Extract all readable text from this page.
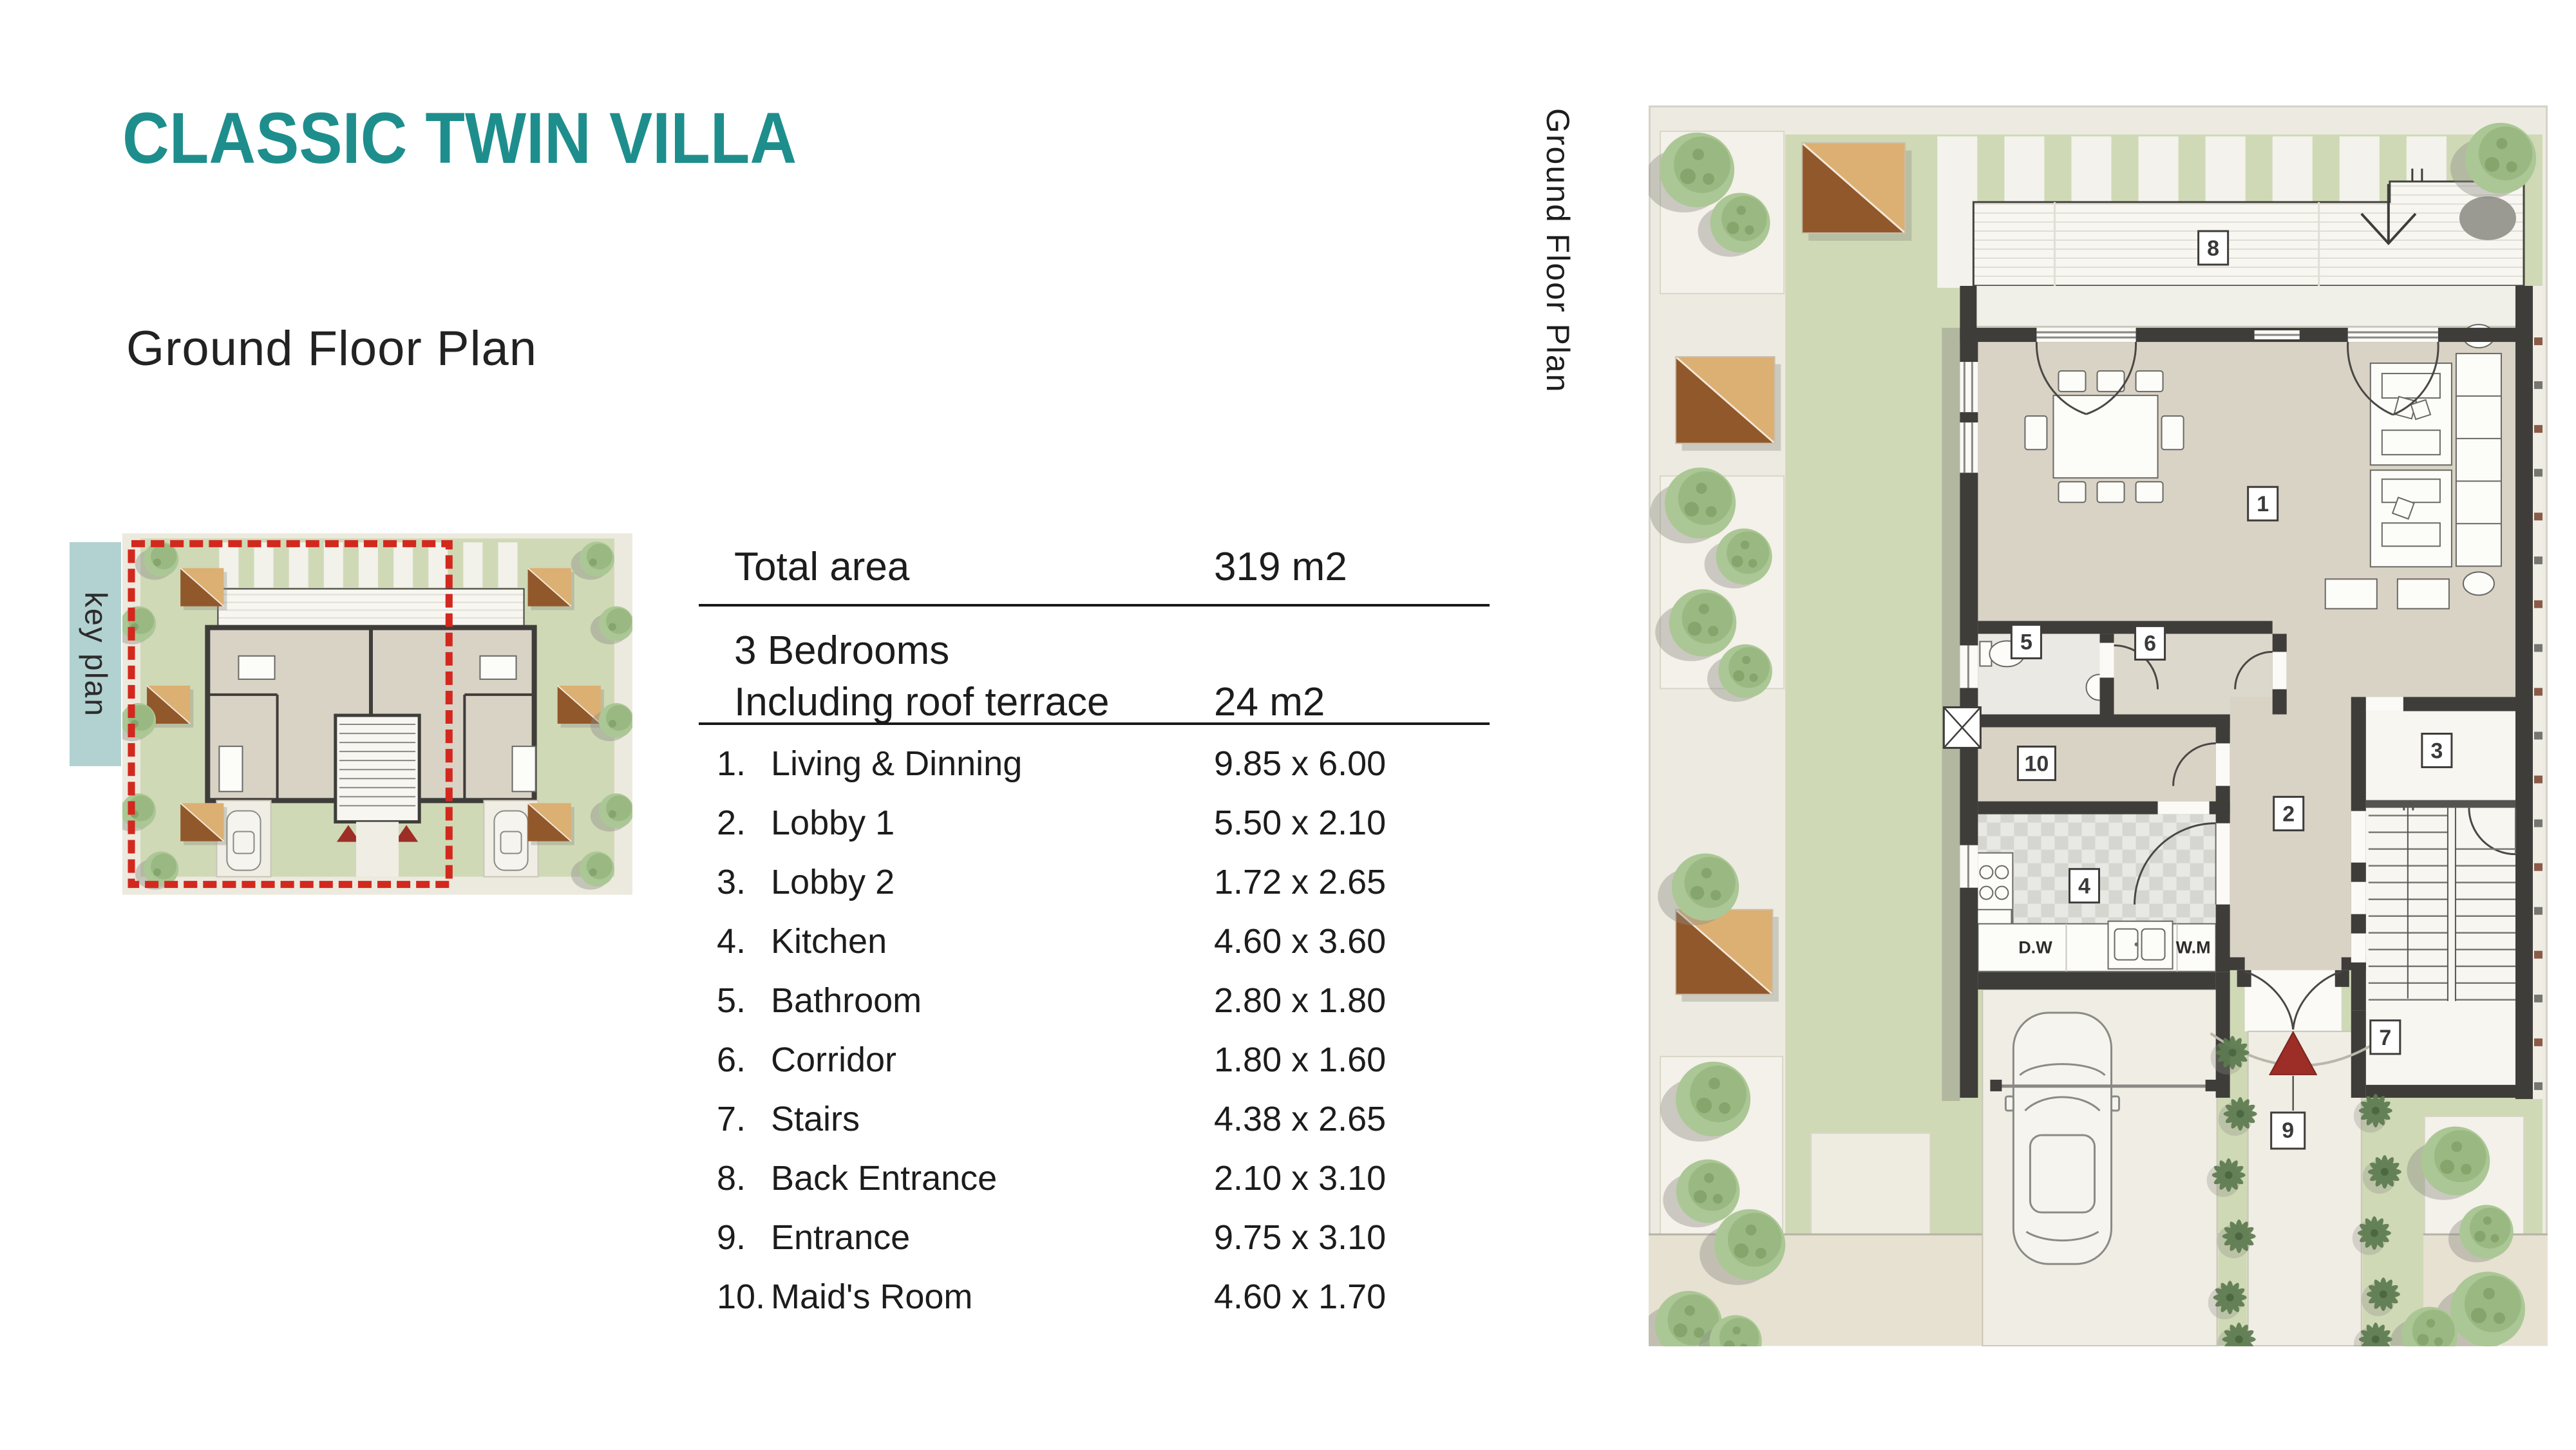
CLASSIC TWIN VILLA
Ground Floor Plan
key plan
Total area	319 m2
3 Bedrooms
Including roof terrace	24 m2
1. Living & Dinning	9.85 x 6.00
2. Lobby 1	5.50 x 2.10
3. Lobby 2	1.72 x 2.65
4. Kitchen	4.60 x 3.60
5. Bathroom	2.80 x 1.80
6. Corridor	1.80 x 1.60
7. Stairs	4.38 x 2.65
8. Back Entrance	2.10 x 3.10
9. Entrance	9.75 x 3.10
10. Maid's Room	4.60 x 1.70
Ground Floor Plan
1
2
3
4
5	6
7
8
9
10
D.W	W.M
